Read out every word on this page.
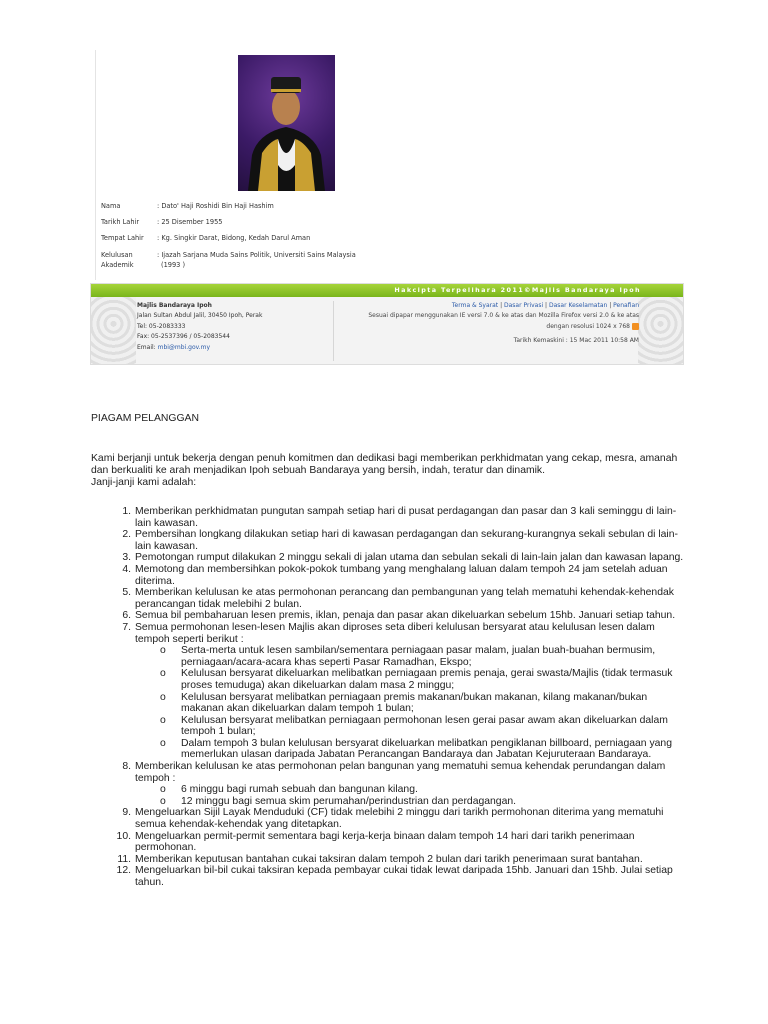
Nama	: Dato' Haji Roshidi Bin Haji Hashim
Tarikh Lahir	: 25 Disember 1955
Tempat Lahir	: Kg. Singkir Darat, Bidong, Kedah Darul Aman
Kelulusan	: Ijazah Sarjana Muda Sains Politik, Universiti Sains Malaysia
Akademik	(1993 )
Hakcipta Terpelihara 2011©Majlis Bandaraya Ipoh
Majlis Bandaraya Ipoh
Jalan Sultan Abdul Jalil, 30450 Ipoh, Perak
Tel: 05-2083333
Fax: 05-2537396 / 05-2083544
Email: mbi@mbi.gov.my
Terma & Syarat | Dasar Privasi | Dasar Keselamatan | Penafian
Sesuai dipapar menggunakan IE versi 7.0 & ke atas dan Mozilla Firefox versi 2.0 & ke atas
dengan resolusi 1024 x 768
Tarikh Kemaskini : 15 Mac 2011 10:58 AM
PIAGAM PELANGGAN
Kami berjanji untuk bekerja dengan penuh komitmen dan dedikasi bagi memberikan perkhidmatan yang cekap, mesra, amanah dan berkualiti ke arah menjadikan Ipoh sebuah Bandaraya yang bersih, indah, teratur dan dinamik.
Janji-janji kami adalah:
1. Memberikan perkhidmatan pungutan sampah setiap hari di pusat perdagangan dan pasar dan 3 kali seminggu di lain-lain kawasan.
2. Pembersihan longkang dilakukan setiap hari di kawasan perdagangan dan sekurang-kurangnya sekali sebulan di lain-lain kawasan.
3. Pemotongan rumput dilakukan 2 minggu sekali di jalan utama dan sebulan sekali di lain-lain jalan dan kawasan lapang.
4. Memotong dan membersihkan pokok-pokok tumbang yang menghalang laluan dalam tempoh 24 jam setelah aduan diterima.
5. Memberikan kelulusan ke atas permohonan perancang dan pembangunan yang telah mematuhi kehendak-kehendak perancangan tidak melebihi 2 bulan.
6. Semua bil pembaharuan lesen premis, iklan, penaja dan pasar akan dikeluarkan sebelum 15hb. Januari setiap tahun.
7. Semua permohonan lesen-lesen Majlis akan diproses seta diberi kelulusan bersyarat atau kelulusan lesen dalam tempoh seperti berikut :
o Serta-merta untuk lesen sambilan/sementara perniagaan pasar malam, jualan buah-buahan bermusim, perniagaan/acara-acara khas seperti Pasar Ramadhan, Ekspo;
o Kelulusan bersyarat dikeluarkan melibatkan perniagaan premis penaja, gerai swasta/Majlis (tidak termasuk proses temuduga) akan dikeluarkan dalam masa 2 minggu;
o Kelulusan bersyarat melibatkan perniagaan premis makanan/bukan makanan, kilang makanan/bukan makanan akan dikeluarkan dalam tempoh 1 bulan;
o Kelulusan bersyarat melibatkan perniagaan permohonan lesen gerai pasar awam akan dikeluarkan dalam tempoh 1 bulan;
o Dalam tempoh 3 bulan kelulusan bersyarat dikeluarkan melibatkan pengiklanan billboard, perniagaan yang memerlukan ulasan daripada Jabatan Perancangan Bandaraya dan Jabatan Kejuruteraan Bandaraya.
8. Memberikan kelulusan ke atas permohonan pelan bangunan yang mematuhi semua kehendak perundangan dalam tempoh :
o 6 minggu bagi rumah sebuah dan bangunan kilang.
o 12 minggu bagi semua skim perumahan/perindustrian dan perdagangan.
9. Mengeluarkan Sijil Layak Menduduki (CF) tidak melebihi 2 minggu dari tarikh permohonan diterima yang mematuhi semua kehendak-kehendak yang ditetapkan.
10. Mengeluarkan permit-permit sementara bagi kerja-kerja binaan dalam tempoh 14 hari dari tarikh penerimaan permohonan.
11. Memberikan keputusan bantahan cukai taksiran dalam tempoh 2 bulan dari tarikh penerimaan surat bantahan.
12. Mengeluarkan bil-bil cukai taksiran kepada pembayar cukai tidak lewat daripada 15hb. Januari dan 15hb. Julai setiap tahun.
